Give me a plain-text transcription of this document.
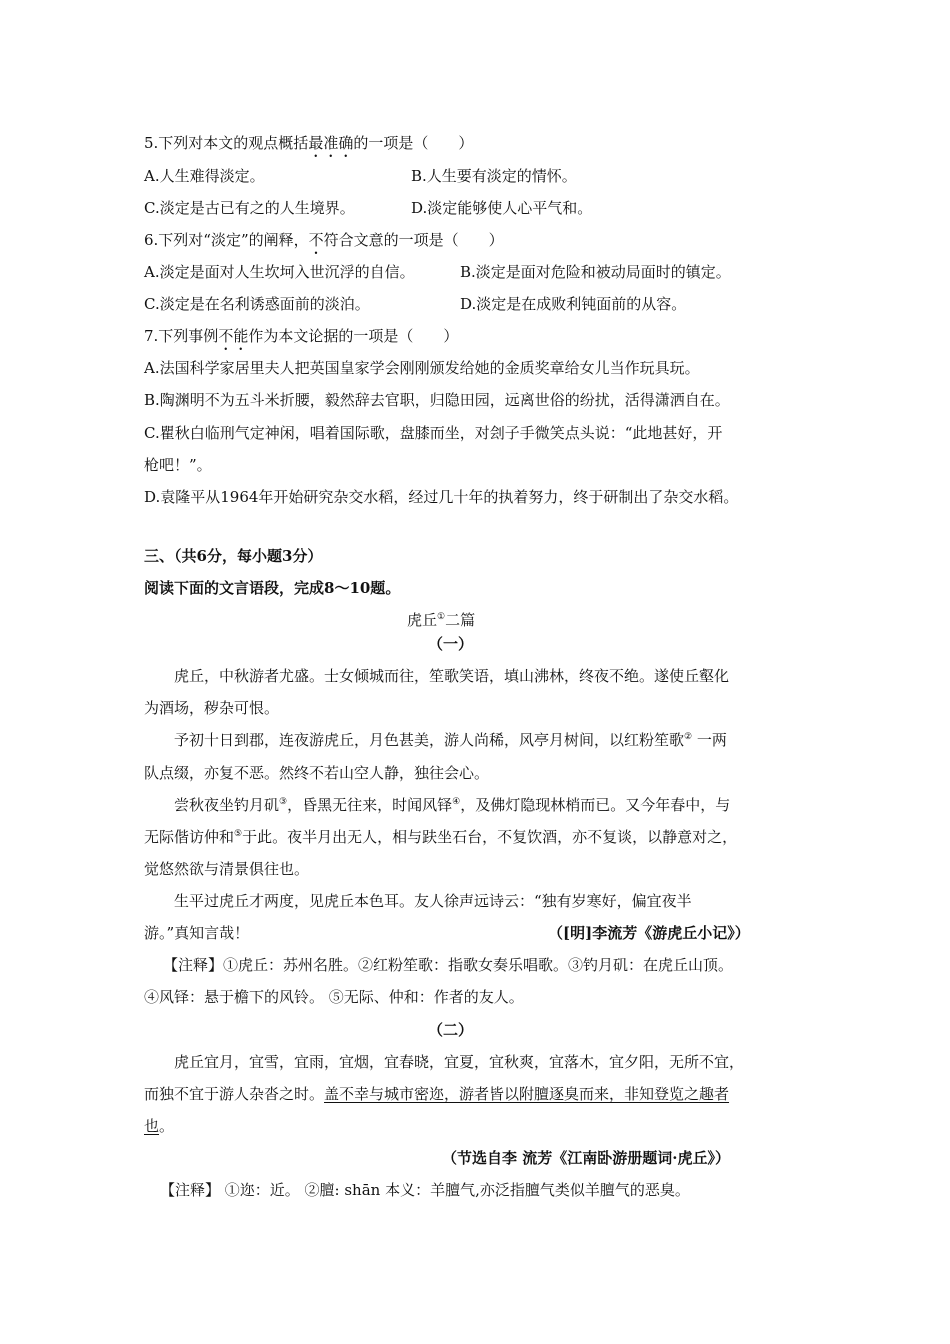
5.下列对本文的观点概括最准确的一项是（　　）
A.人生难得淡定。	B.人生要有淡定的情怀。
C.淡定是古已有之的人生境界。	D.淡定能够使人心平气和。
6.下列对“淡定”的阐释，不符合文意的一项是（　　）
A.淡定是面对人生坎坷入世沉浮的自信。	B.淡定是面对危险和被动局面时的镇定。
C.淡定是在名利诱惑面前的淡泊。	D.淡定是在成败利钝面前的从容。
7.下列事例不能作为本文论据的一项是（　　）
A.法国科学家居里夫人把英国皇家学会刚刚颁发给她的金质奖章给女儿当作玩具玩。
B.陶渊明不为五斗米折腰，毅然辞去官职，归隐田园，远离世俗的纷扰，活得潇洒自在。
C.瞿秋白临刑气定神闲，唱着国际歌，盘膝而坐，对刽子手微笑点头说：“此地甚好，开
枪吧！”。
D.袁隆平从1964年开始研究杂交水稻，经过几十年的执着努力，终于研制出了杂交水稻。
三、（共6分，每小题3分）
阅读下面的文言语段，完成8～10题。
虎丘①二篇
（一）
虎丘，中秋游者尤盛。士女倾城而往，笙歌笑语，填山沸林，终夜不绝。遂使丘壑化
为酒场，秽杂可恨。
予初十日到郡，连夜游虎丘，月色甚美，游人尚稀，风亭月树间，以红粉笙歌② 一两
队点缀，亦复不恶。然终不若山空人静，独往会心。
尝秋夜坐钓月矶③，昏黑无往来，时闻风铎④，及佛灯隐现林梢而已。又今年春中，与
无际偕访仲和⑤于此。夜半月出无人，相与趺坐石台，不复饮酒，亦不复谈，以静意对之，
觉悠然欲与清景俱往也。
生平过虎丘才两度，见虎丘本色耳。友人徐声远诗云：“独有岁寒好，偏宜夜半
游。”真知言哉！	（[明]李流芳《游虎丘小记》）
【注释】①虎丘：苏州名胜。②红粉笙歌：指歌女奏乐唱歌。③钓月矶：在虎丘山顶。
④风铎：悬于檐下的风铃。 ⑤无际、仲和：作者的友人。
（二）
虎丘宜月，宜雪，宜雨，宜烟，宜春晓，宜夏，宜秋爽，宜落木，宜夕阳，无所不宜，
而独不宜于游人杂沓之时。盖不幸与城市密迩，游者皆以附膻逐臭而来，非知登览之趣者
也。
（节选自李 流芳《江南卧游册题词·虎丘》）
【注释】 ①迩：近。 ②膻: shān 本义：羊膻气,亦泛指膻气类似羊膻气的恶臭。
